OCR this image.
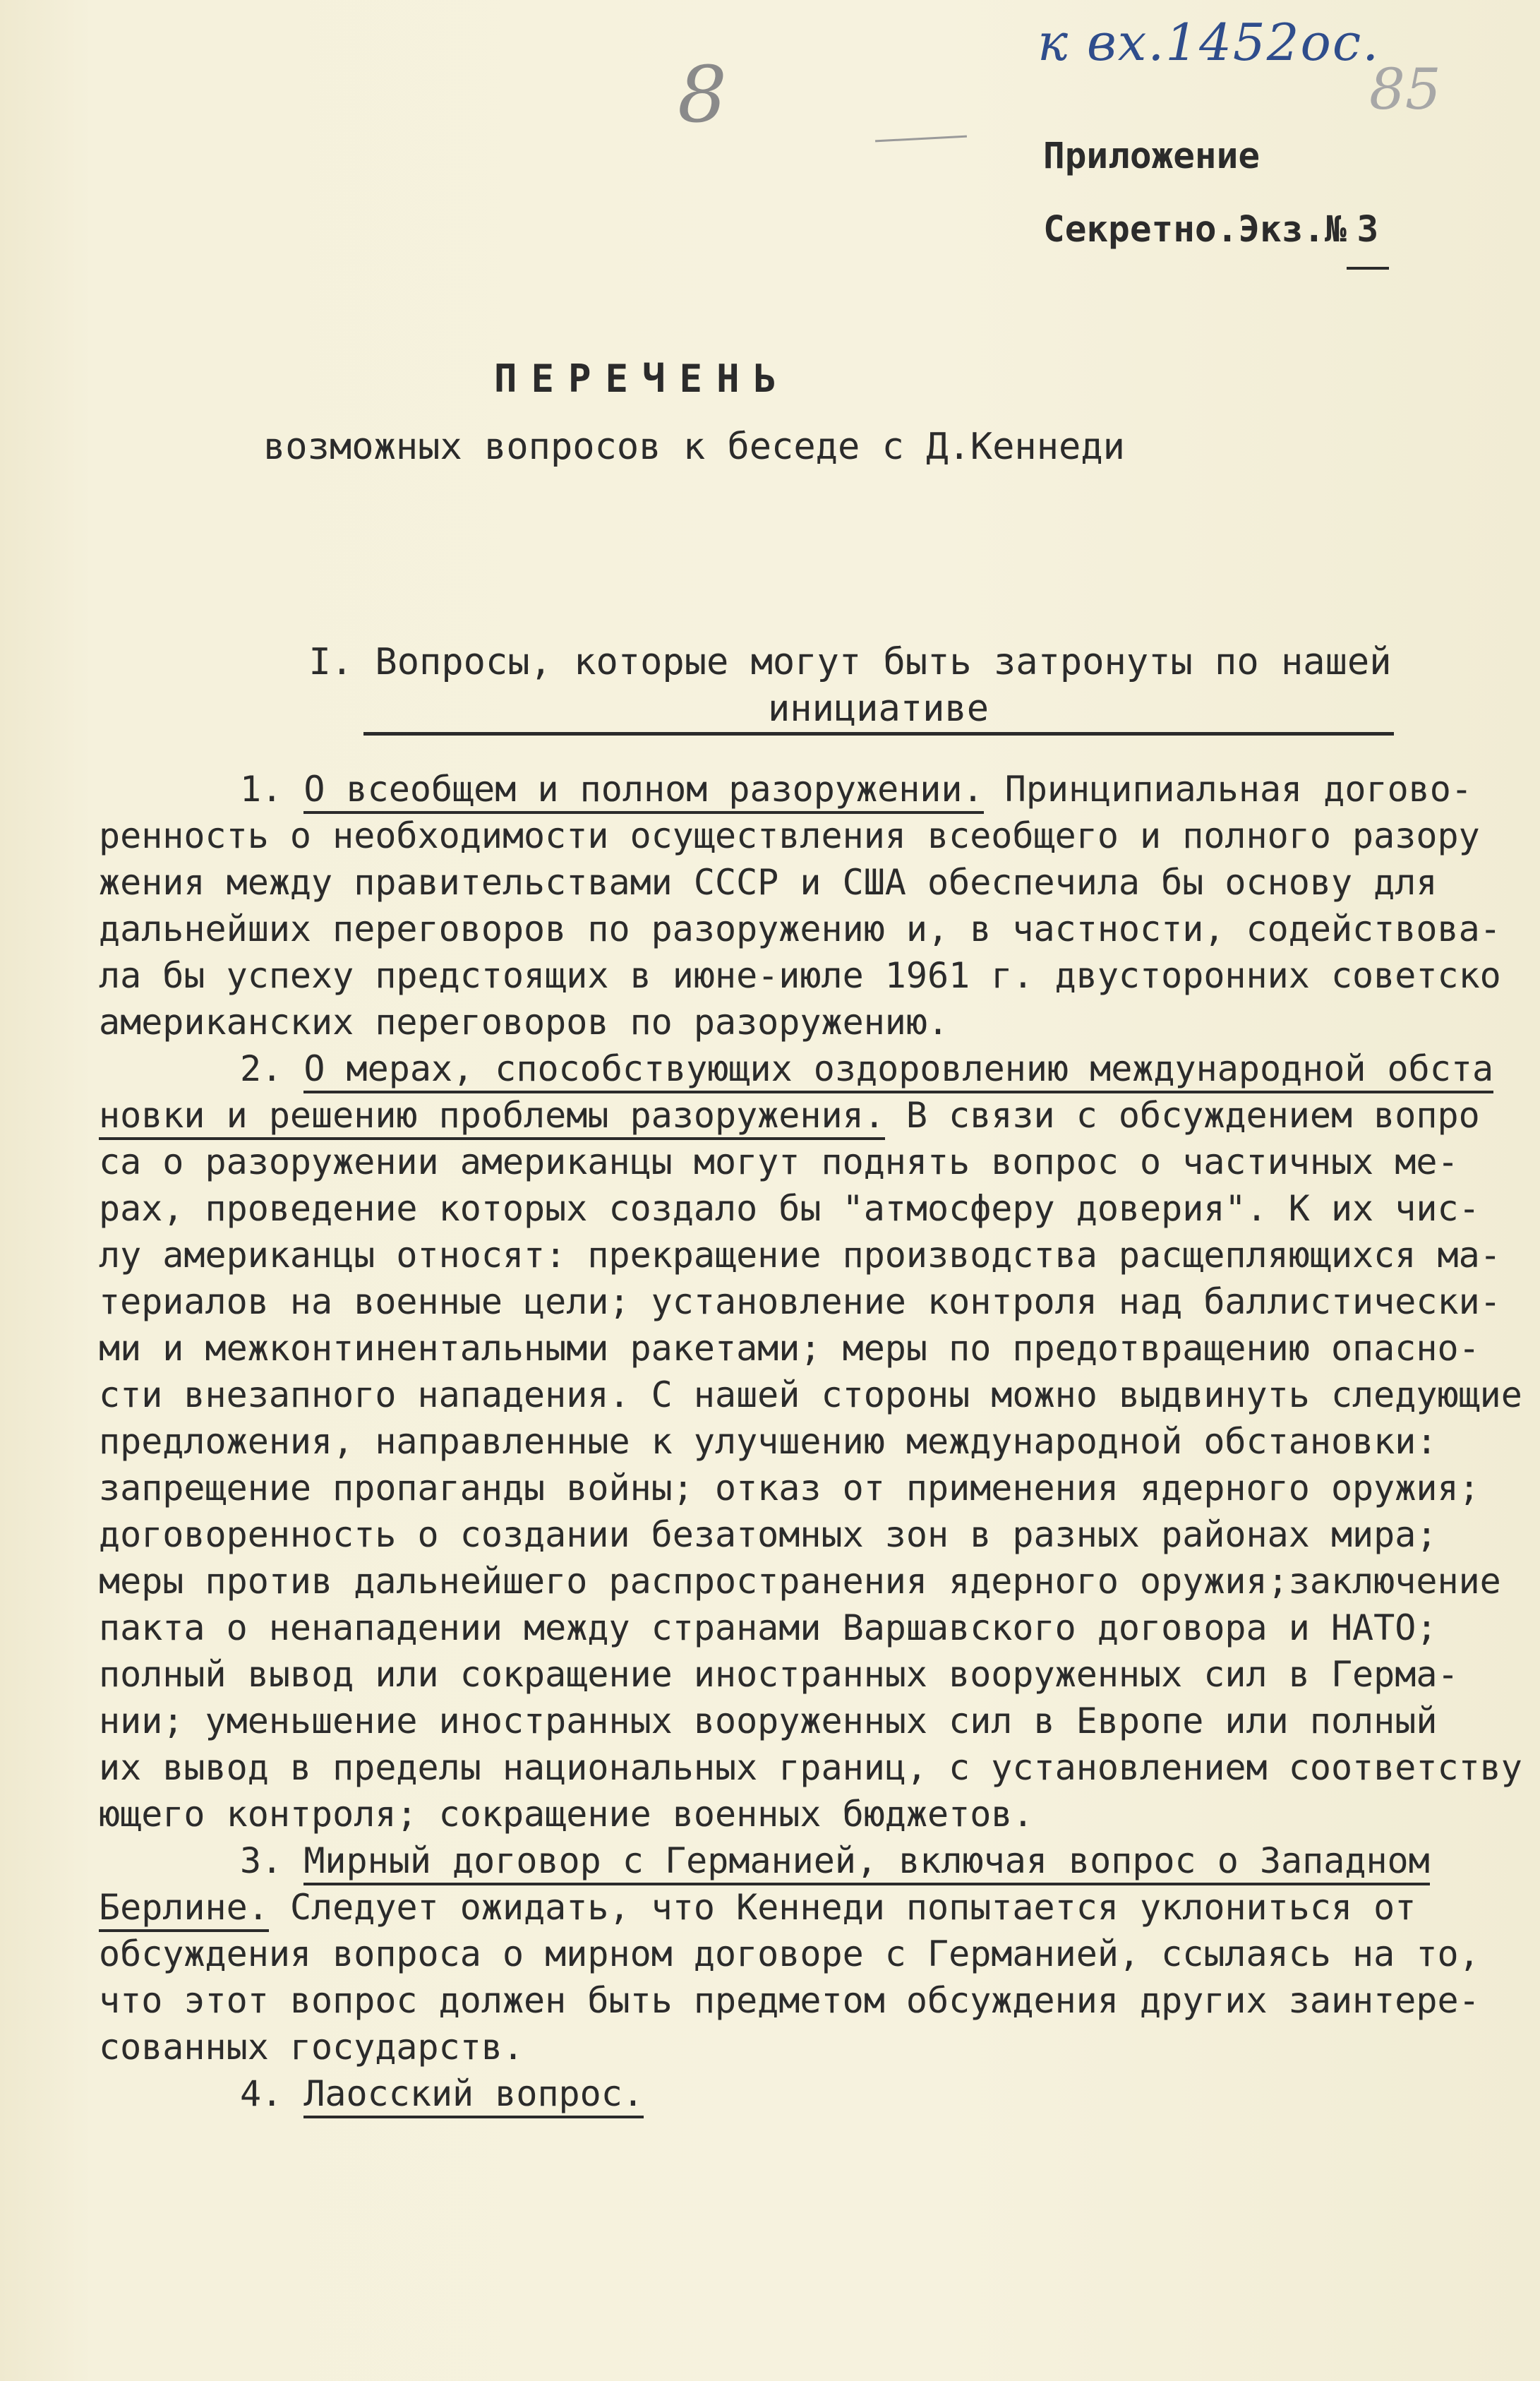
к вх.1452ос.
8	85
Приложение
Секретно.Экз.№ 3
ПЕРЕЧЕНЬ
возможных вопросов к беседе с Д.Кеннеди
I. Вопросы, которые могут быть затронуты по нашей
инициативе
1. О всеобщем и полном разоружении. Принципиальная догово-
ренность о необходимости осуществления всеобщего и полного разору
жения между правительствами СССР и США обеспечила бы основу для
дальнейших переговоров по разоружению и, в частности, содействова-
ла бы успеху предстоящих в июне-июле 1961 г. двусторонних советско
американских переговоров по разоружению.
2. О мерах, способствующих оздоровлению международной обста
новки и решению проблемы разоружения. В связи с обсуждением вопро
са о разоружении американцы могут поднять вопрос о частичных ме-
рах, проведение которых создало бы "атмосферу доверия". К их чис-
лу американцы относят: прекращение производства расщепляющихся ма-
териалов на военные цели; установление контроля над баллистически-
ми и межконтинентальными ракетами; меры по предотвращению опасно-
сти внезапного нападения. С нашей стороны можно выдвинуть следующие
предложения, направленные к улучшению международной обстановки:
запрещение пропаганды войны; отказ от применения ядерного оружия;
договоренность о создании безатомных зон в разных районах мира;
меры против дальнейшего распространения ядерного оружия;заключение
пакта о ненападении между странами Варшавского договора и НАТО;
полный вывод или сокращение иностранных вооруженных сил в Герма-
нии; уменьшение иностранных вооруженных сил в Европе или полный
их вывод в пределы национальных границ, с установлением соответству
ющего контроля; сокращение военных бюджетов.
3. Мирный договор с Германией, включая вопрос о Западном
Берлине. Следует ожидать, что Кеннеди попытается уклониться от
обсуждения вопроса о мирном договоре с Германией, ссылаясь на то,
что этот вопрос должен быть предметом обсуждения других заинтере-
сованных государств.
4. Лаосский вопрос.
